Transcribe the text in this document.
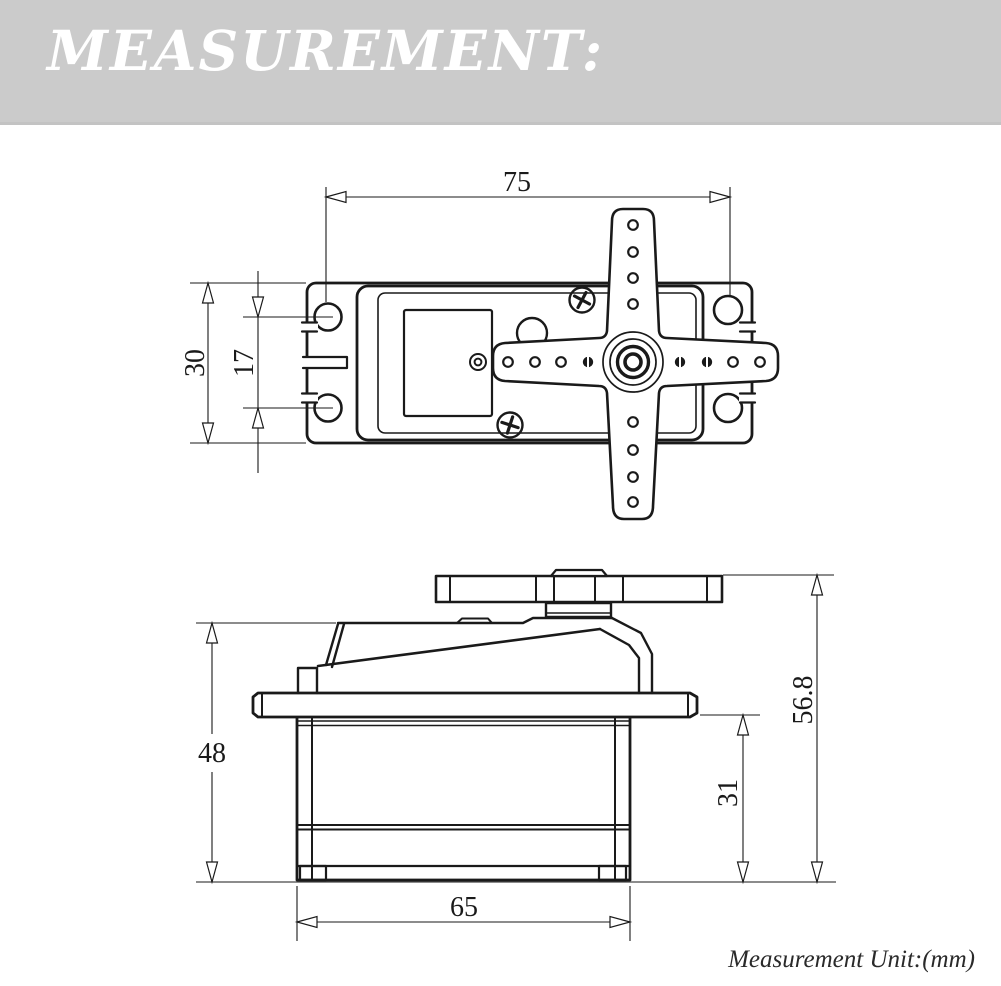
MEASUREMENT:
75
30 17
48
56.8
31
65
Measurement Unit:(mm)
